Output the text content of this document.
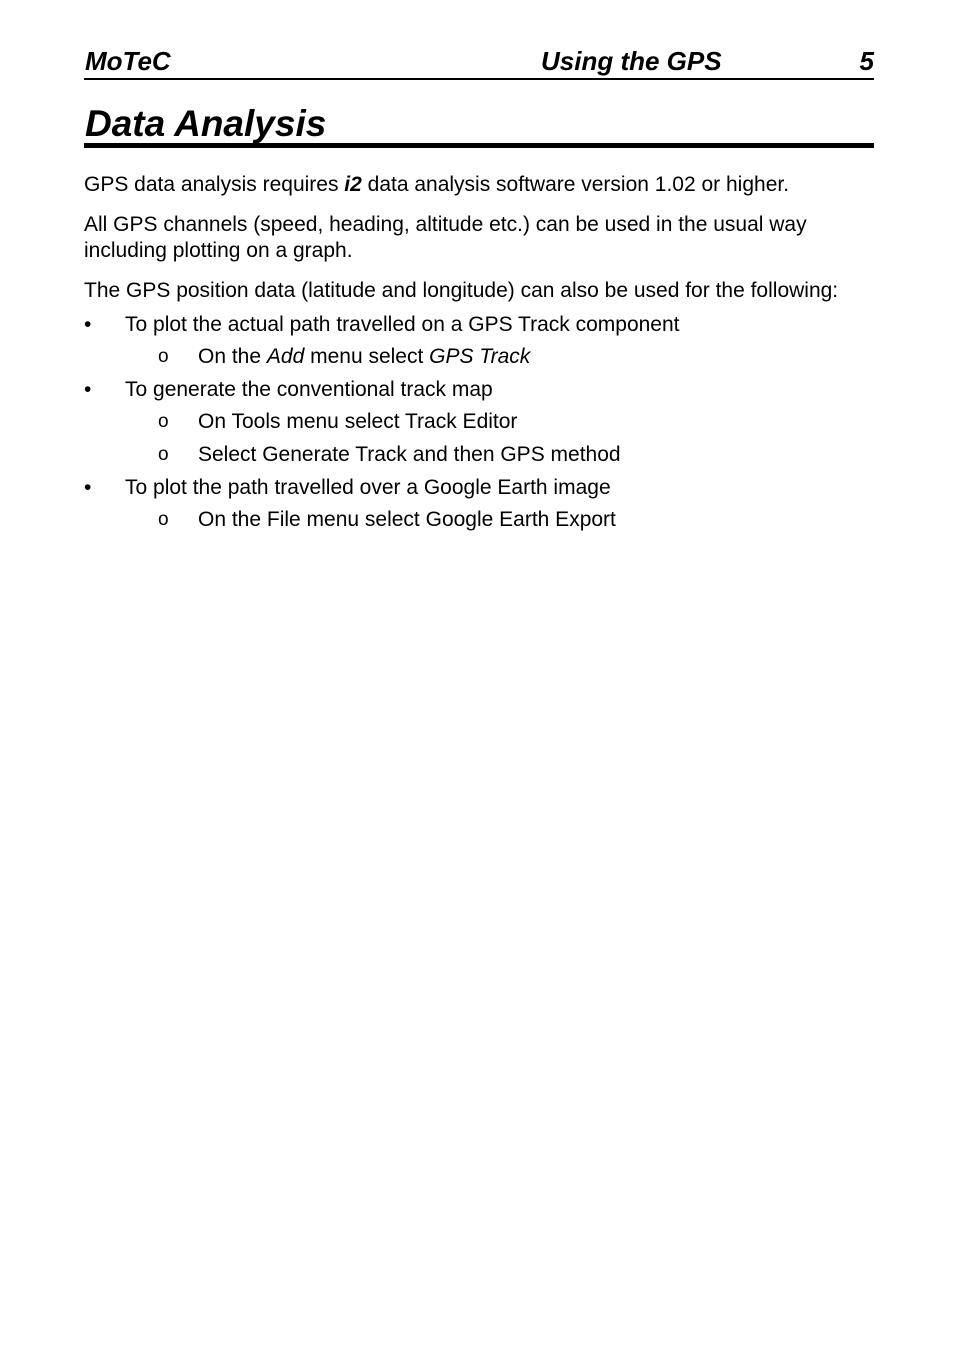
MoTeC	Using the GPS	5
Data Analysis

GPS data analysis requires i2 data analysis software version 1.02 or higher.

All GPS channels (speed, heading, altitude etc.) can be used in the usual way including plotting on a graph.

The GPS position data (latitude and longitude) can also be used for the following:

•	To plot the actual path travelled on a GPS Track component
o On the Add menu select GPS Track
•	To generate the conventional track map
o On Tools menu select Track Editor
o Select Generate Track and then GPS method
•	To plot the path travelled over a Google Earth image
o On the File menu select Google Earth Export
